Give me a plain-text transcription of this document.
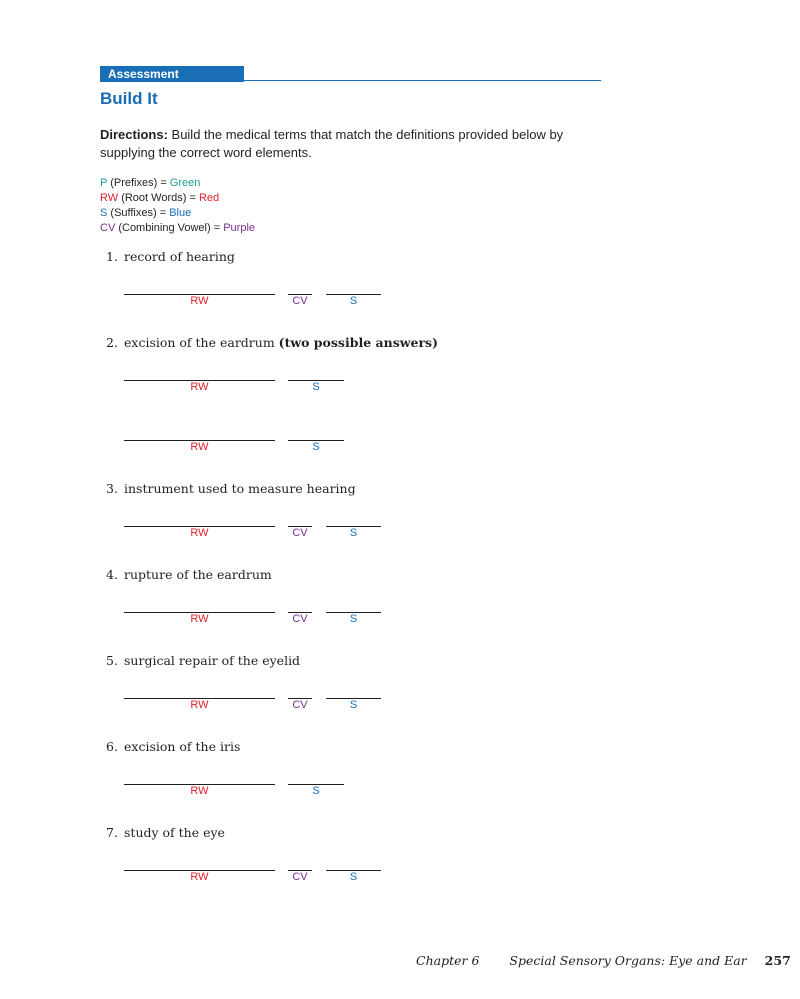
Assessment
Build It
Directions: Build the medical terms that match the definitions provided below by supplying the correct word elements.
P (Prefixes) = Green
RW (Root Words) = Red
S (Suffixes) = Blue
CV (Combining Vowel) = Purple
1. record of hearing
RW	CV	S
2. excision of the eardrum (two possible answers)
RW	S
RW	S
3. instrument used to measure hearing
RW	CV	S
4. rupture of the eardrum
RW	CV	S
5. surgical repair of the eyelid
RW	CV	S
6. excision of the iris
RW	S
7. study of the eye
RW	CV	S
Chapter 6 Special Sensory Organs: Eye and Ear 257
